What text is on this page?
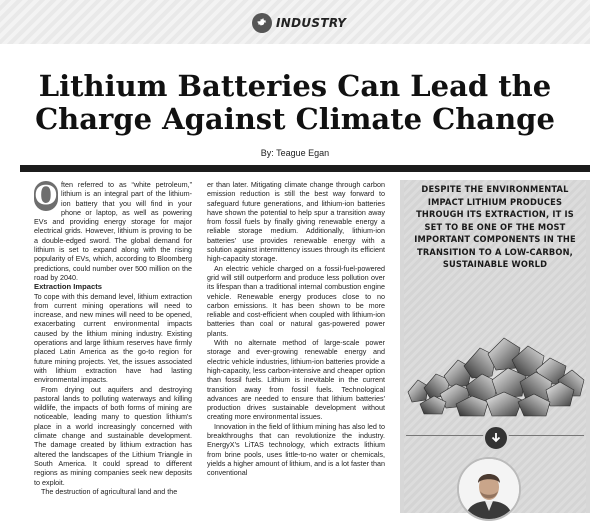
INDUSTRY
Lithium Batteries Can Lead the
Charge Against Climate Change
By: Teague Egan

O ften referred to as “white petroleum,” lithium is an integral part of the lithium-ion battery that you will find in your phone or laptop, as well as powering EVs and providing energy storage for major electrical grids. However, lithium is proving to be a double-edged sword. The global demand for lithium is set to expand along with the rising popularity of EVs, which, according to Bloomberg predictions, could number over 500 million on the road by 2040.

Extraction Impacts

To cope with this demand level, lithium extraction from current mining operations will need to increase, and new mines will need to be opened, exacerbating current environmental impacts caused by the lithium mining industry. Existing operations and large lithium reserves have firmly placed Latin America as the go-to region for future mining projects. Yet, the issues associated with lithium extraction have had lasting environmental impacts.

From drying out aquifers and destroying pastoral lands to polluting waterways and killing wildlife, the impacts of both forms of mining are noticeable, leading many to question lithium's place in a world increasingly concerned with climate change and sustainable development. The damage created by lithium extraction has altered the landscapes of the Lithium Triangle in South America. It could spread to different regions as mining companies seek new deposits to exploit.

The destruction of agricultural land and the

er than later. Mitigating climate change through carbon emission reduction is still the best way forward to safeguard future generations, and lithium-ion batteries have shown the potential to help spur a transition away from fossil fuels by finally giving renewable energy a reliable storage medium. Additionally, lithium-ion batteries' use provides renewable energy with a solution against intermittency issues through its efficient high-capacity storage.

An electric vehicle charged on a fossil-fuel-powered grid will still outperform and produce less pollution over its lifespan than a traditional internal combustion engine vehicle. Renewable energy produces close to no carbon emissions. It has been shown to be more reliable and cost-efficient when coupled with lithium-ion batteries than coal or natural gas-powered power plants.

With no alternate method of large-scale power storage and ever-growing renewable energy and electric vehicle industries, lithium-ion batteries provide a high-capacity, less carbon-intensive and cheaper option than fossil fuels. Lithium is inevitable in the current transition away from fossil fuels. Technological advances are needed to ensure that lithium batteries' production drives sustainable development without creating more environmental issues.

Innovation in the field of lithium mining has also led to breakthroughs that can revolutionize the industry. EnergyX's LiTAS technology, which extracts lithium from brine pools, uses little-to-no water or chemicals, yields a higher amount of lithium, and is a lot faster than conventional

DESPITE THE ENVIRONMENTAL IMPACT LITHIUM PRODUCES THROUGH ITS EXTRACTION, IT IS SET TO BE ONE OF THE MOST IMPORTANT COMPONENTS IN THE TRANSITION TO A LOW-CARBON, SUSTAINABLE WORLD
